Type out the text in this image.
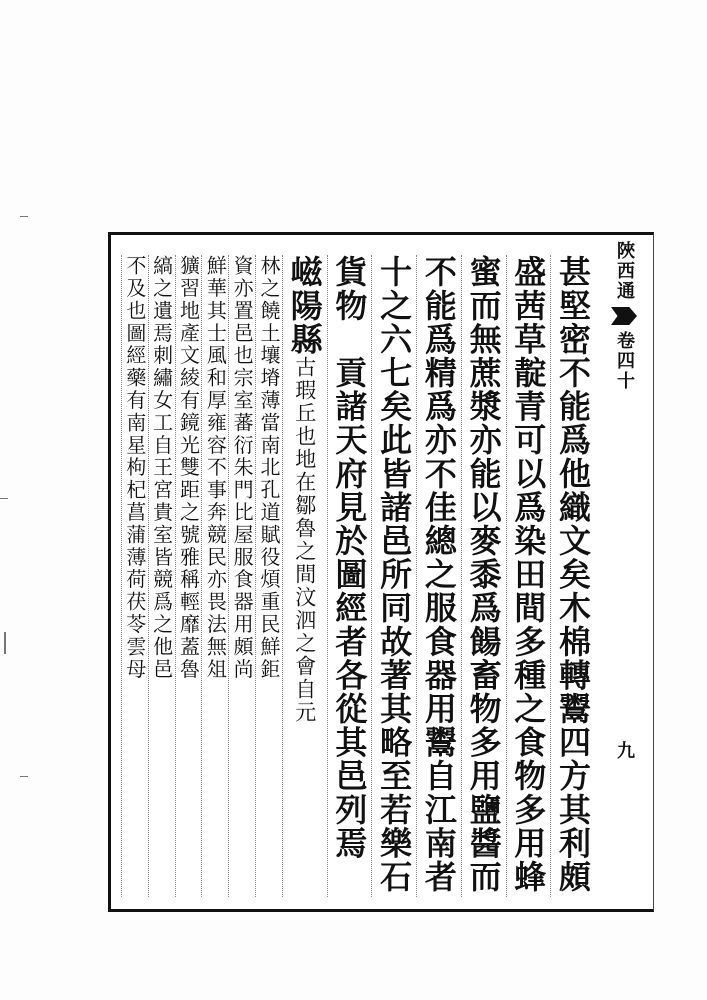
陜西通
卷四十
九
甚堅密不能爲他織文矣木棉轉鬻四方其利頗
盛茜草靛青可以爲染田間多種之食物多用蜂
蜜而無蔗漿亦能以麥黍爲餳畜物多用鹽醬而
不能爲精爲亦不佳總之服食器用鬻自江南者
十之六七矣此皆諸邑所同故著其略至若樂石
貨物　貢諸天府見於圖經者各從其邑列焉
嵫陽縣古瑕丘也地在鄒魯之間汶泗之會自元
林之饒土壤塉薄當南北孔道賦役煩重民鮮鉅
資亦置邑也宗室蕃衍朱門比屋服食器用頗尚
鮮華其士風和厚雍容不事奔競民亦畏法無俎
獷習地產文綾有鏡光雙距之號雅稱輕靡蓋魯
縞之遺焉刺繡女工自王宮貴室皆競爲之他邑
不及也圖經藥有南星枸杞菖蒲薄荷茯苓雲母
